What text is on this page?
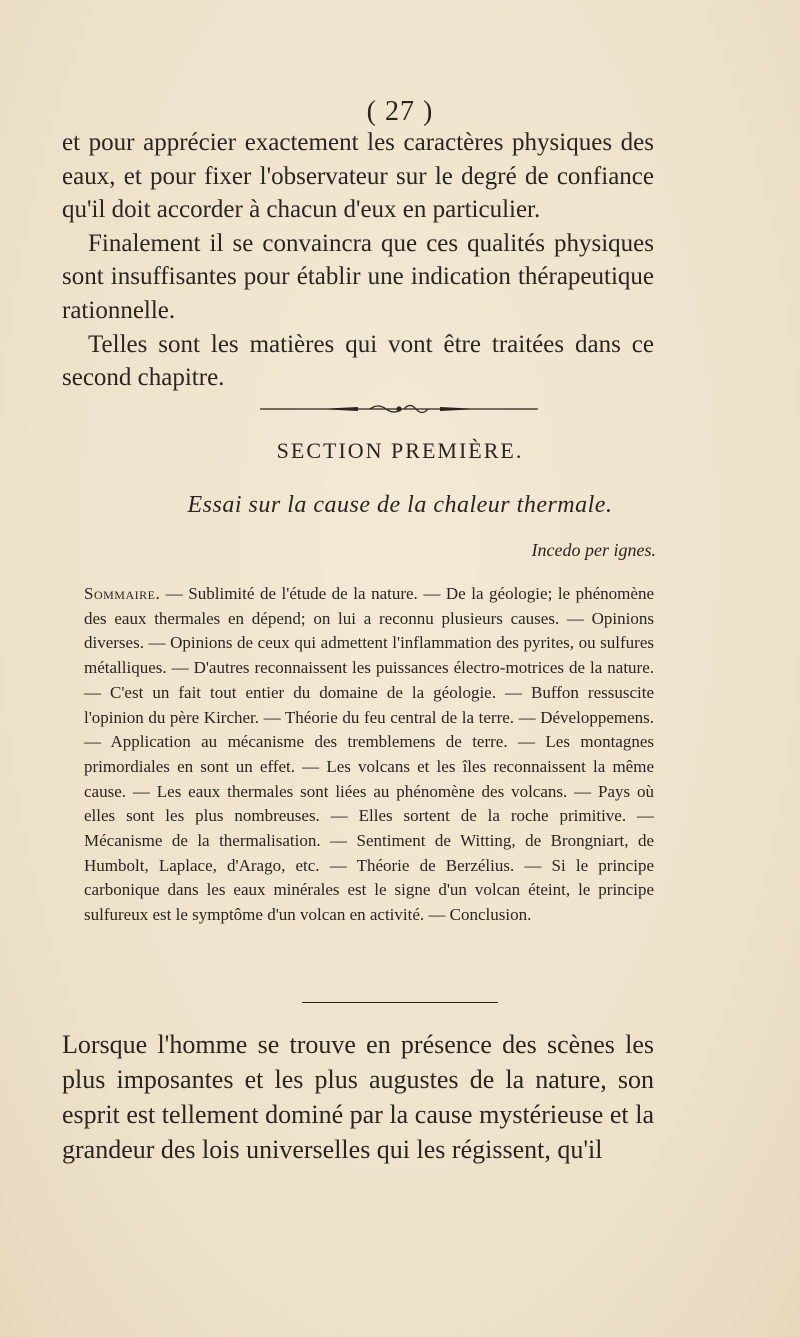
( 27 )

et pour apprécier exactement les caractères physiques des eaux, et pour fixer l'observateur sur le degré de confiance qu'il doit accorder à chacun d'eux en particulier.

Finalement il se convaincra que ces qualités physiques sont insuffisantes pour établir une indication thérapeutique rationnelle.

Telles sont les matières qui vont être traitées dans ce second chapitre.

SECTION PREMIÈRE.
Essai sur la cause de la chaleur thermale.
Incedo per ignes.
Sommaire. — Sublimité de l'étude de la nature. — De la géologie; le phénomène des eaux thermales en dépend; on lui a reconnu plusieurs causes. — Opinions diverses. — Opinions de ceux qui admettent l'inflammation des pyrites, ou sulfures métalliques. — D'autres reconnaissent les puissances électro-motrices de la nature. — C'est un fait tout entier du domaine de la géologie. — Buffon ressuscite l'opinion du père Kircher. — Théorie du feu central de la terre. — Développemens. — Application au mécanisme des tremblemens de terre. — Les montagnes primordiales en sont un effet. — Les volcans et les îles reconnaissent la même cause. — Les eaux thermales sont liées au phénomène des volcans. — Pays où elles sont les plus nombreuses. — Elles sortent de la roche primitive. — Mécanisme de la thermalisation. — Sentiment de Witting, de Brongniart, de Humbolt, Laplace, d'Arago, etc. — Théorie de Berzélius. — Si le principe carbonique dans les eaux minérales est le signe d'un volcan éteint, le principe sulfureux est le symptôme d'un volcan en activité. — Conclusion.

Lorsque l'homme se trouve en présence des scènes les plus imposantes et les plus augustes de la nature, son esprit est tellement dominé par la cause mystérieuse et la grandeur des lois universelles qui les régissent, qu'il
